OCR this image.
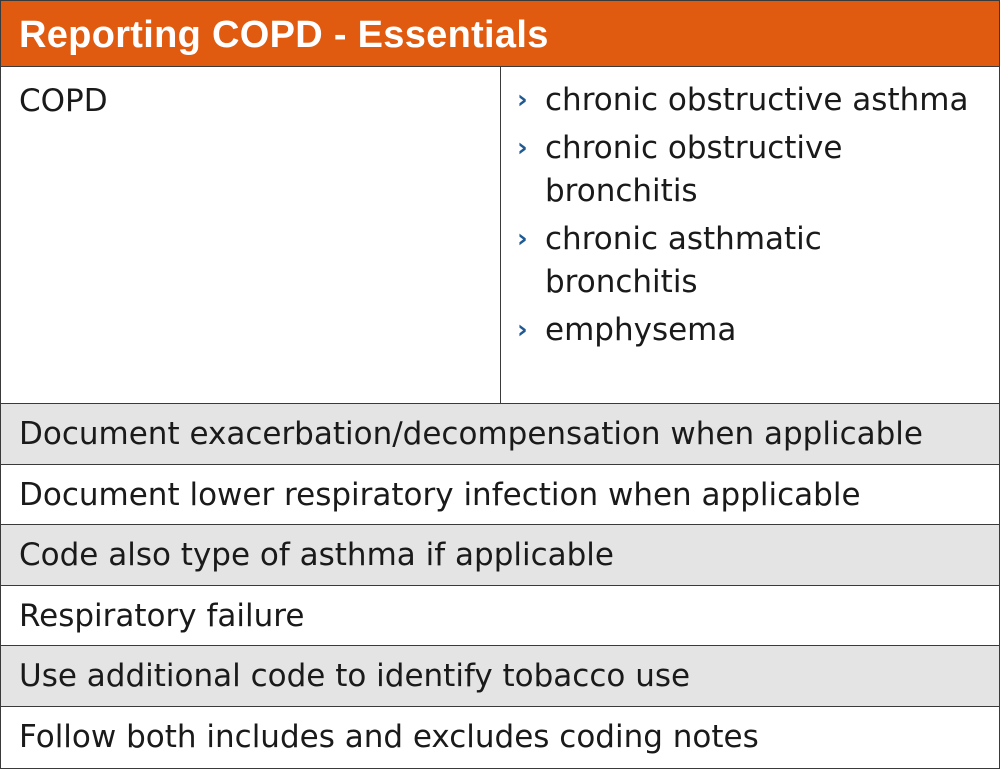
Reporting COPD - Essentials
COPD	› chronic obstructive asthma
› chronic obstructive bronchitis
› chronic asthmatic bronchitis
› emphysema
Document exacerbation/decompensation when applicable
Document lower respiratory infection when applicable
Code also type of asthma if applicable
Respiratory failure
Use additional code to identify tobacco use
Follow both includes and excludes coding notes
